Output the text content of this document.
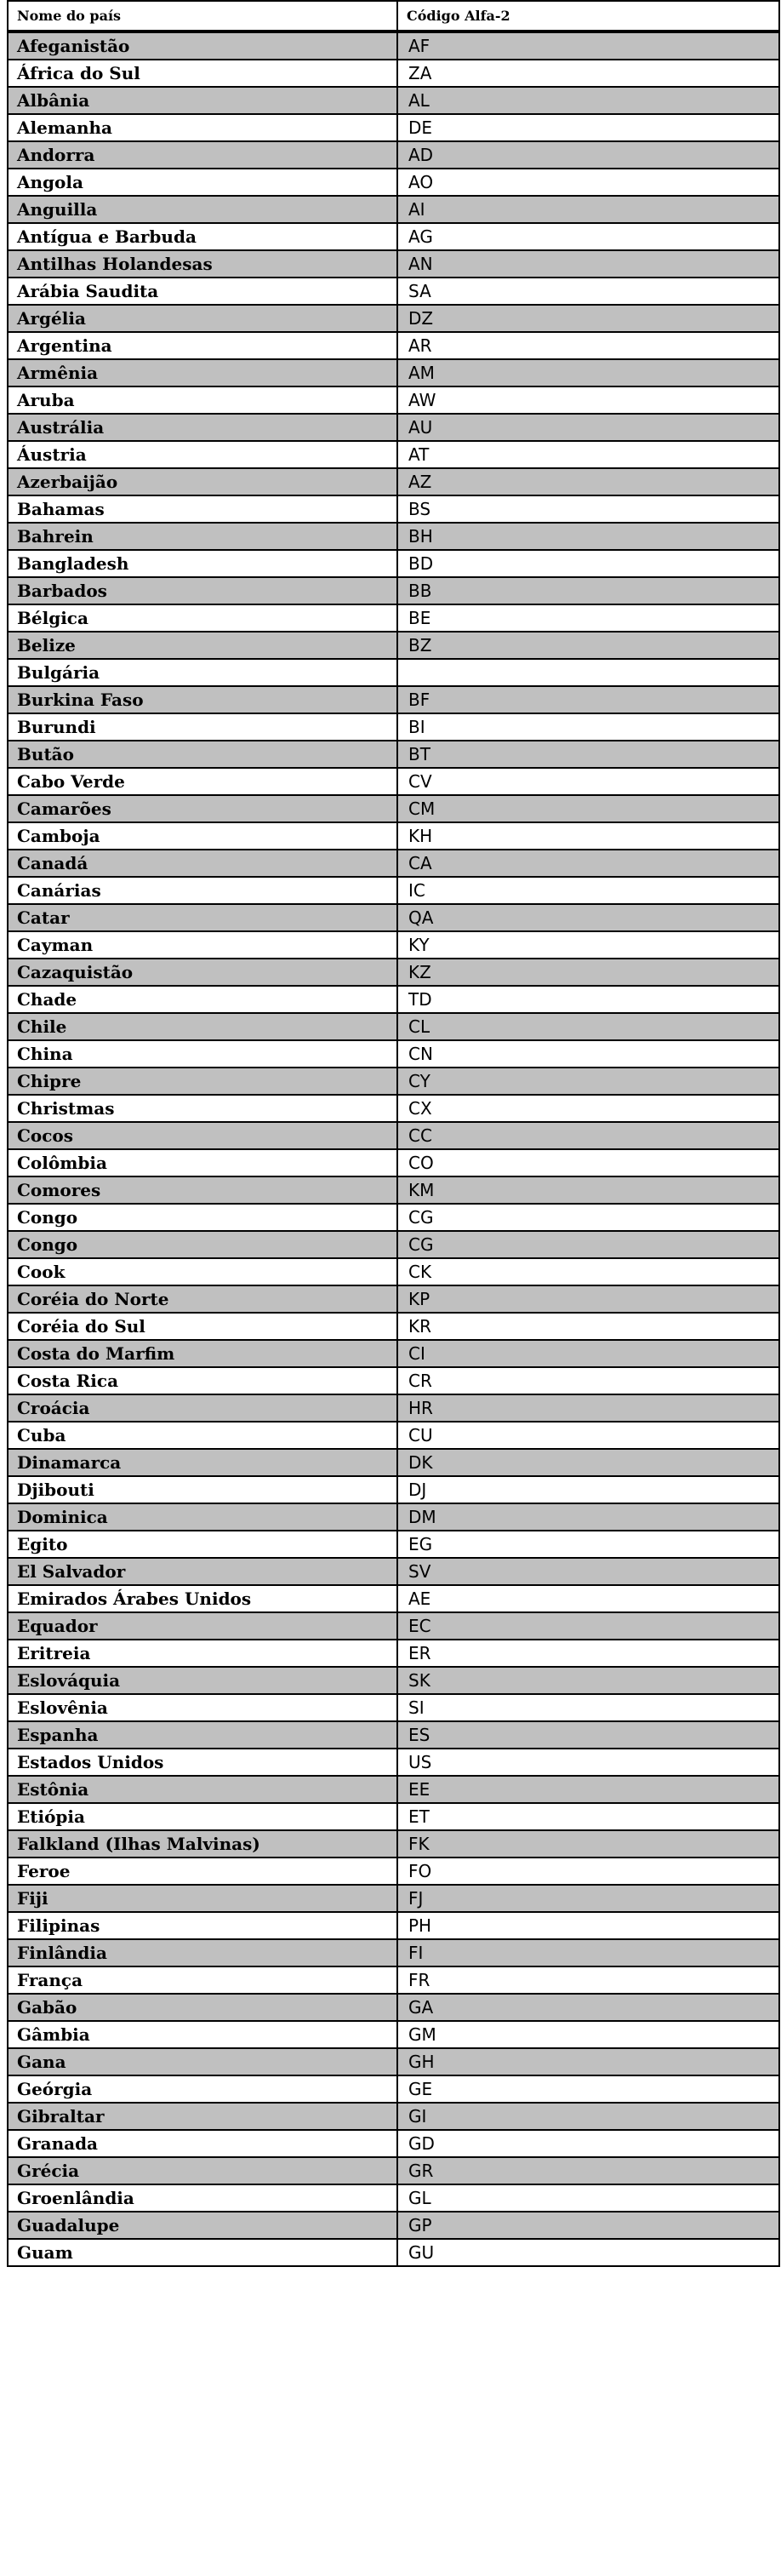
Nome do país	Código Alfa-2
Afeganistão	AF
África do Sul	ZA
Albânia	AL
Alemanha	DE
Andorra	AD
Angola	AO
Anguilla	AI
Antígua e Barbuda	AG
Antilhas Holandesas	AN
Arábia Saudita	SA
Argélia	DZ
Argentina	AR
Armênia	AM
Aruba	AW
Austrália	AU
Áustria	AT
Azerbaijão	AZ
Bahamas	BS
Bahrein	BH
Bangladesh	BD
Barbados	BB
Bélgica	BE
Belize	BZ
Bulgária	
Burkina Faso	BF
Burundi	BI
Butão	BT
Cabo Verde	CV
Camarões	CM
Camboja	KH
Canadá	CA
Canárias	IC
Catar	QA
Cayman	KY
Cazaquistão	KZ
Chade	TD
Chile	CL
China	CN
Chipre	CY
Christmas	CX
Cocos	CC
Colômbia	CO
Comores	KM
Congo	CG
Congo	CG
Cook	CK
Coréia do Norte	KP
Coréia do Sul	KR
Costa do Marfim	CI
Costa Rica	CR
Croácia	HR
Cuba	CU
Dinamarca	DK
Djibouti	DJ
Dominica	DM
Egito	EG
El Salvador	SV
Emirados Árabes Unidos	AE
Equador	EC
Eritreia	ER
Eslováquia	SK
Eslovênia	SI
Espanha	ES
Estados Unidos	US
Estônia	EE
Etiópia	ET
Falkland (Ilhas Malvinas)	FK
Feroe	FO
Fiji	FJ
Filipinas	PH
Finlândia	FI
França	FR
Gabão	GA
Gâmbia	GM
Gana	GH
Geórgia	GE
Gibraltar	GI
Granada	GD
Grécia	GR
Groenlândia	GL
Guadalupe	GP
Guam	GU
